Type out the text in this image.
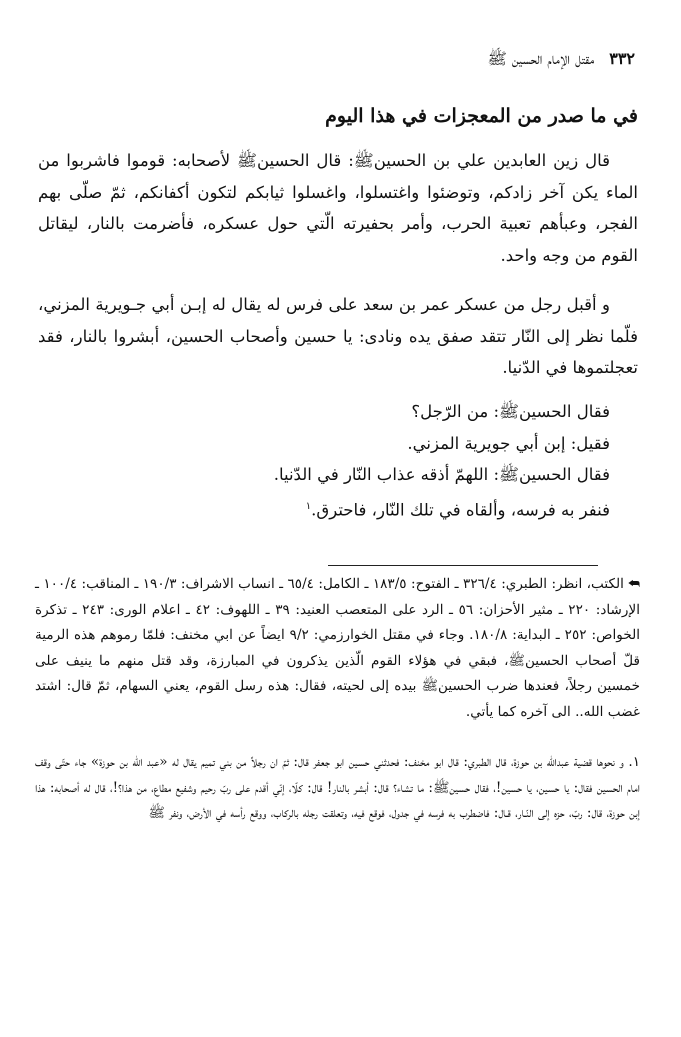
٣٣٢ مقتل الإمام الحسين ﷺ
في ما صدر من المعجزات في هذا اليوم

قال زين العابدين علي بن الحسينﷺ: قال الحسينﷺ لأصحابه: قوموا فاشربوا من الماء يكن آخر زادكم، وتوضئوا واغتسلوا، واغسلوا ثيابكم لتكون أكفانكم، ثمّ صلّى بهم الفجر، وعبأهم تعبية الحرب، وأمر بحفيرته الّتي حول عسكره، فأضرمت بالنار، ليقاتل القوم من وجه واحد.

و أقبل رجل من عسكر عمر بن سعد على فرس له يقال له إبـن أبي جـويرية المزني، فلّما نظر إلى النّار تتقد صفق يده ونادى: يا حسين وأصحاب الحسين، أبشروا بالنار، فقد تعجلتموها في الدّنيا.

فقال الحسينﷺ: من الرّجل؟

فقيل: إبن أبي جويرية المزني.

فقال الحسينﷺ: اللهمّ أذقه عذاب النّار في الدّنيا.

فنفر به فرسه، وألقاه في تلك النّار، فاحترق.$^١$

⮪الكتب، انظر: الطبري: ٣٢٦/٤ ـ الفتوح: ١٨٣/٥ ـ الكامل: ٦٥/٤ ـ انساب الاشراف: ١٩٠/٣ ـ المناقب: ١٠٠/٤ ـ الإرشاد: ٢٢٠ ـ مثير الأحزان: ٥٦ ـ الرد على المتعصب العنيد: ٣٩ ـ اللهوف: ٤٢ ـ اعلام الورى: ٢٤٣ ـ تذكرة الخواص: ٢٥٢ ـ البداية: ١٨٠/٨. وجاء في مقتل الخوارزمي: ٩/٢ ايضاً عن ابي مخنف: فلمّا رموهم هذه الرمية قلّ أصحاب الحسينﷺ، فبقي في هؤلاء القوم الّذين يذكرون في المبارزة، وقد قتل منهم ما ينيف على خمسين رجلاً، فعندها ضرب الحسينﷺ بيده إلى لحيته، فقال: هذه رسل القوم، يعني السهام، ثمّ قال: اشتد غضب الله.. الى آخره كما يأتي.

١. و نحوها قضية عبدالله بن حوزة، قال الطبري: قال ابو مخنف: فحدثني حسين ابو جعفر قال: ثمّ ان رجلاً من بني تميم يقال له «عبد الله بن حوزة» جاء حتّى وقف امام الحسين فقال: يا حسين، يا حسين!، فقال حسينﷺ: ما تشاء؟ قال: أبشر بالنار! قال: كلّا، إنّي أقدم على ربّ رحيم وشفيع مطاع، من هذا؟!، قال له أصحابه: هذا إبن حوزة، قال: ربّ، حزه إلى النّـار، قـال: فاضطرب به فرسه في جدول، فوقع فيه، وتعلقت رجله بالركاب، ووقع رأسه في الأرض، ونفر ﷺ
